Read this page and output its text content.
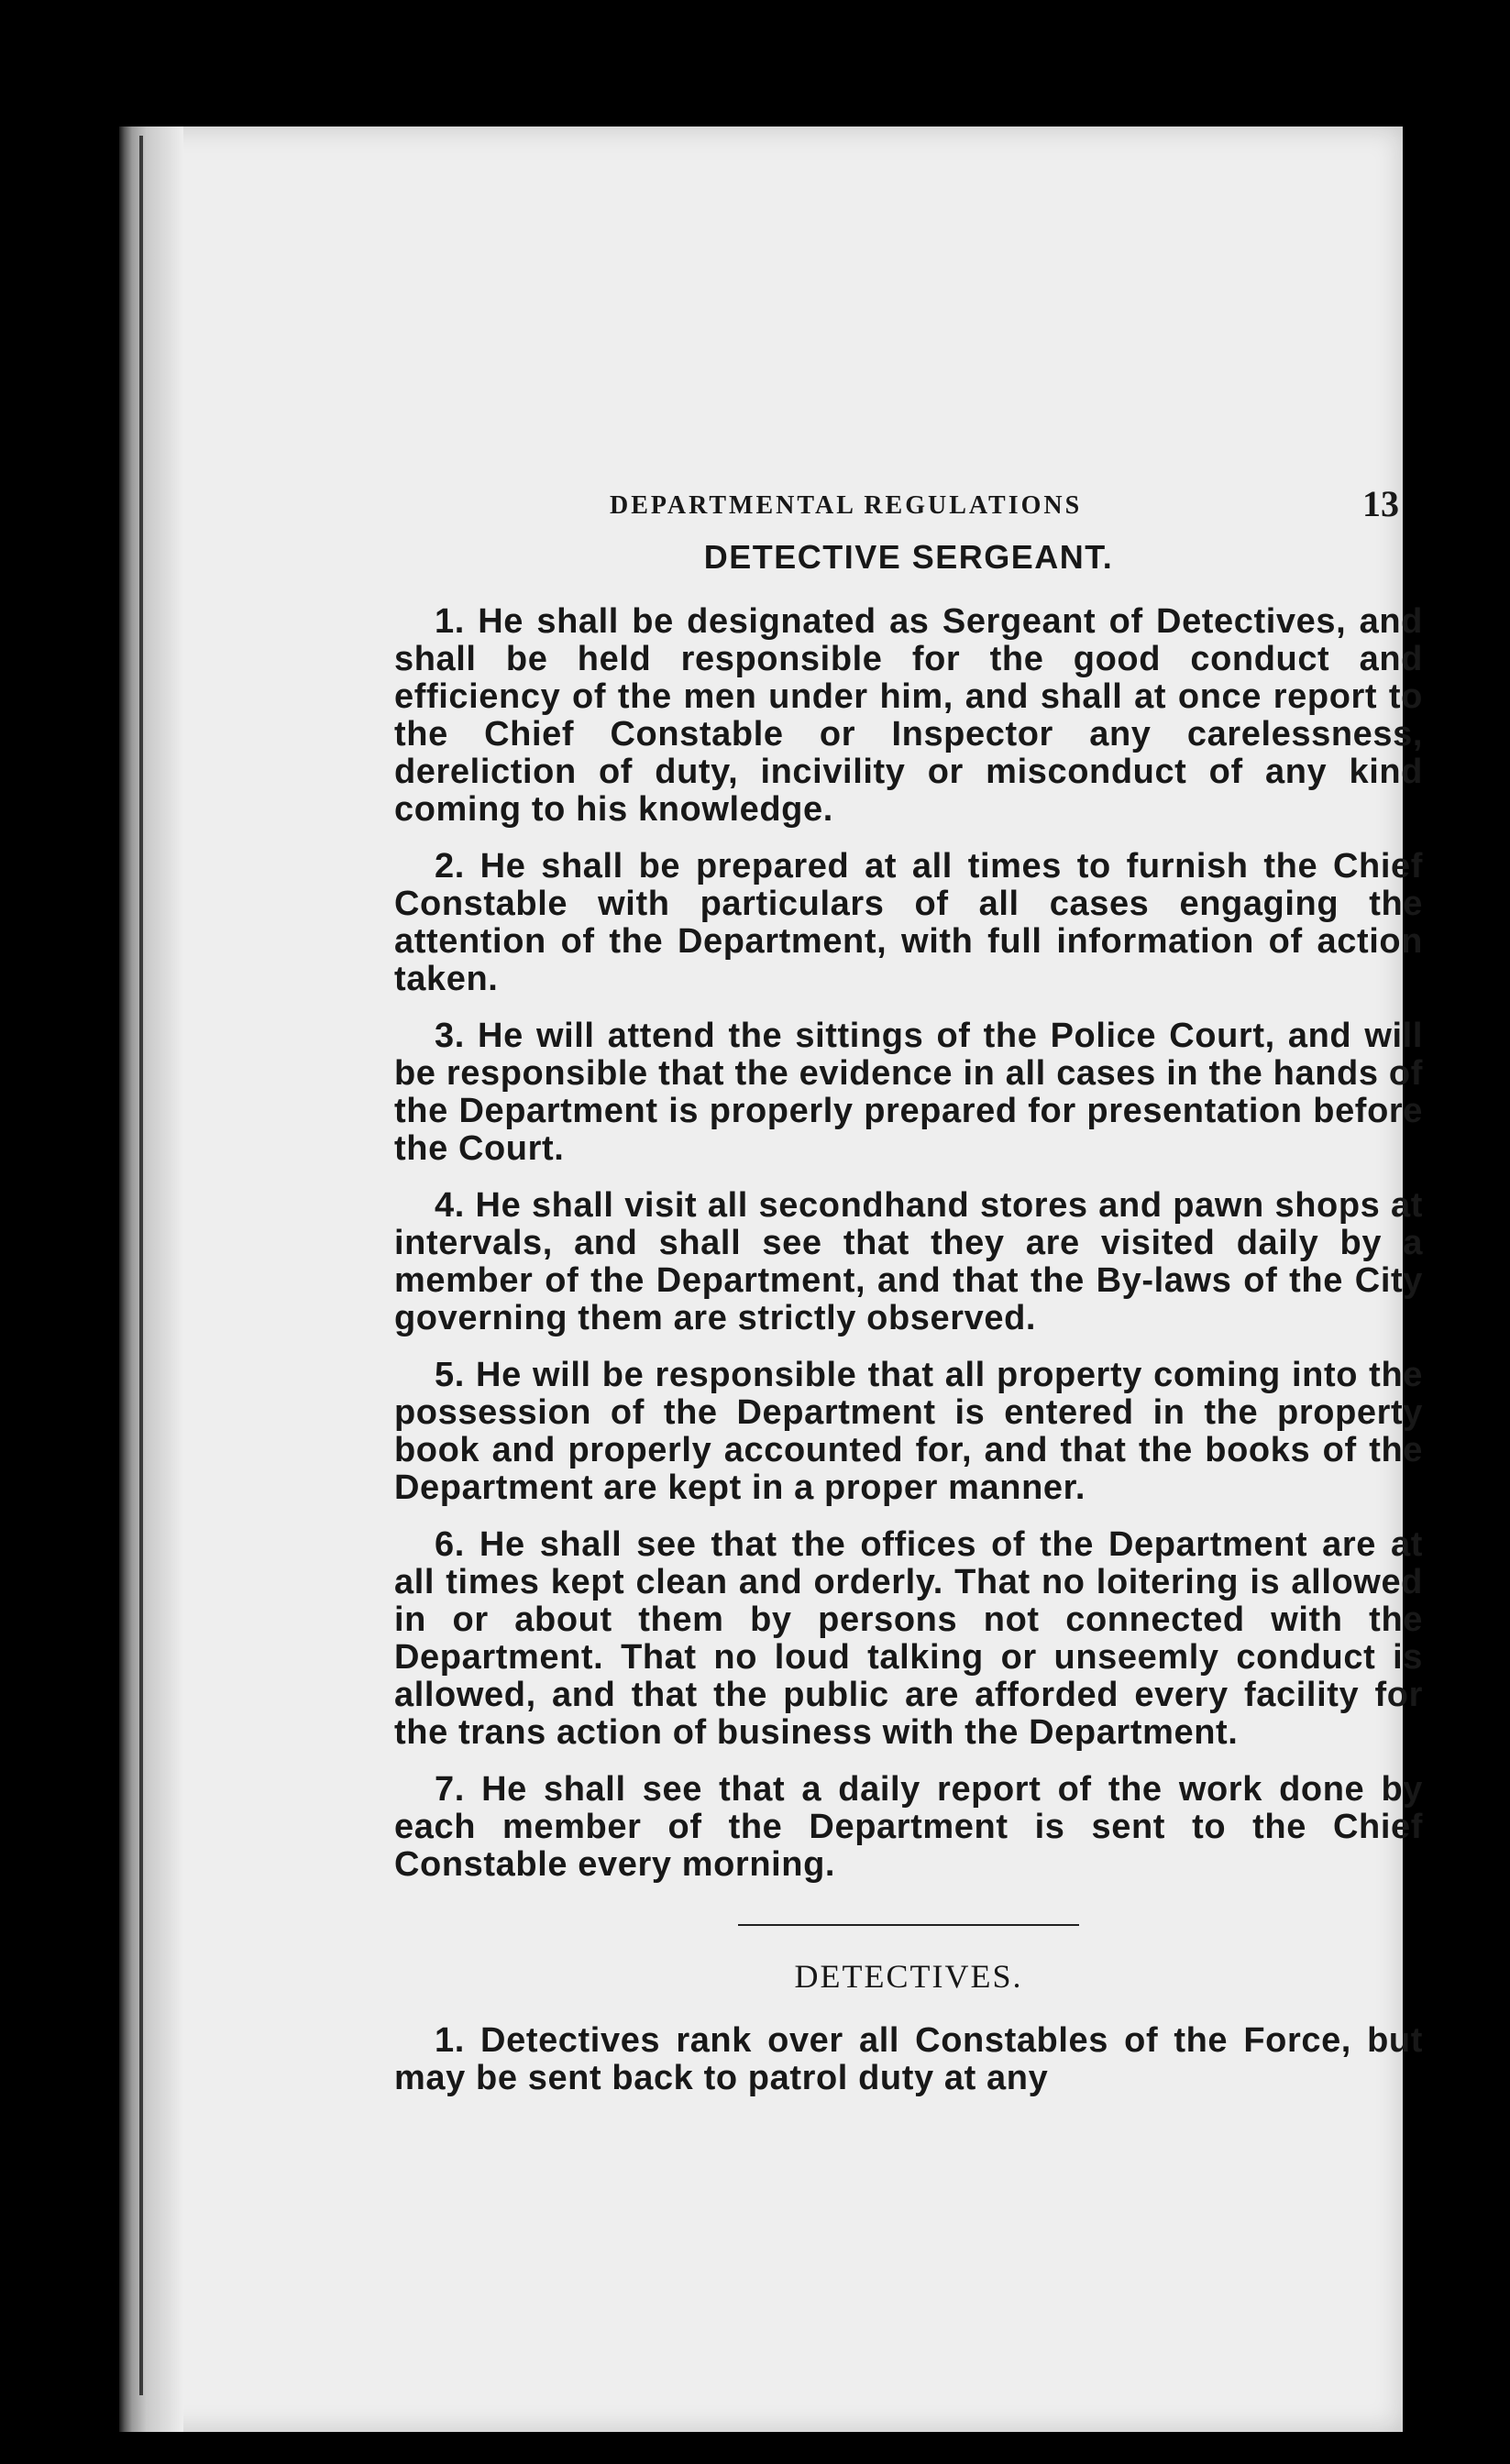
DEPARTMENTAL REGULATIONS	13
DETECTIVE SERGEANT.

1. He shall be designated as Sergeant of Detectives, and shall be held responsible for the good conduct and efficiency of the men under him, and shall at once report to the Chief Constable or Inspector any carelessness, dereliction of duty, incivility or misconduct of any kind coming to his knowledge.

2. He shall be prepared at all times to furnish the Chief Constable with particulars of all cases engaging the attention of the Department, with full information of action taken.

3. He will attend the sittings of the Police Court, and will be responsible that the evidence in all cases in the hands of the Department is properly prepared for presentation before the Court.

4. He shall visit all secondhand stores and pawn shops at intervals, and shall see that they are visited daily by a member of the Department, and that the By-laws of the City governing them are strictly observed.

5. He will be responsible that all property coming into the possession of the Department is entered in the property book and properly accounted for, and that the books of the Department are kept in a proper manner.

6. He shall see that the offices of the Department are at all times kept clean and orderly. That no loitering is allowed in or about them by persons not connected with the Department. That no loud talking or unseemly conduct is allowed, and that the public are afforded every facility for the trans action of business with the Department.

7. He shall see that a daily report of the work done by each member of the Department is sent to the Chief Constable every morning.

DETECTIVES.

1. Detectives rank over all Constables of the Force, but may be sent back to patrol duty at any
